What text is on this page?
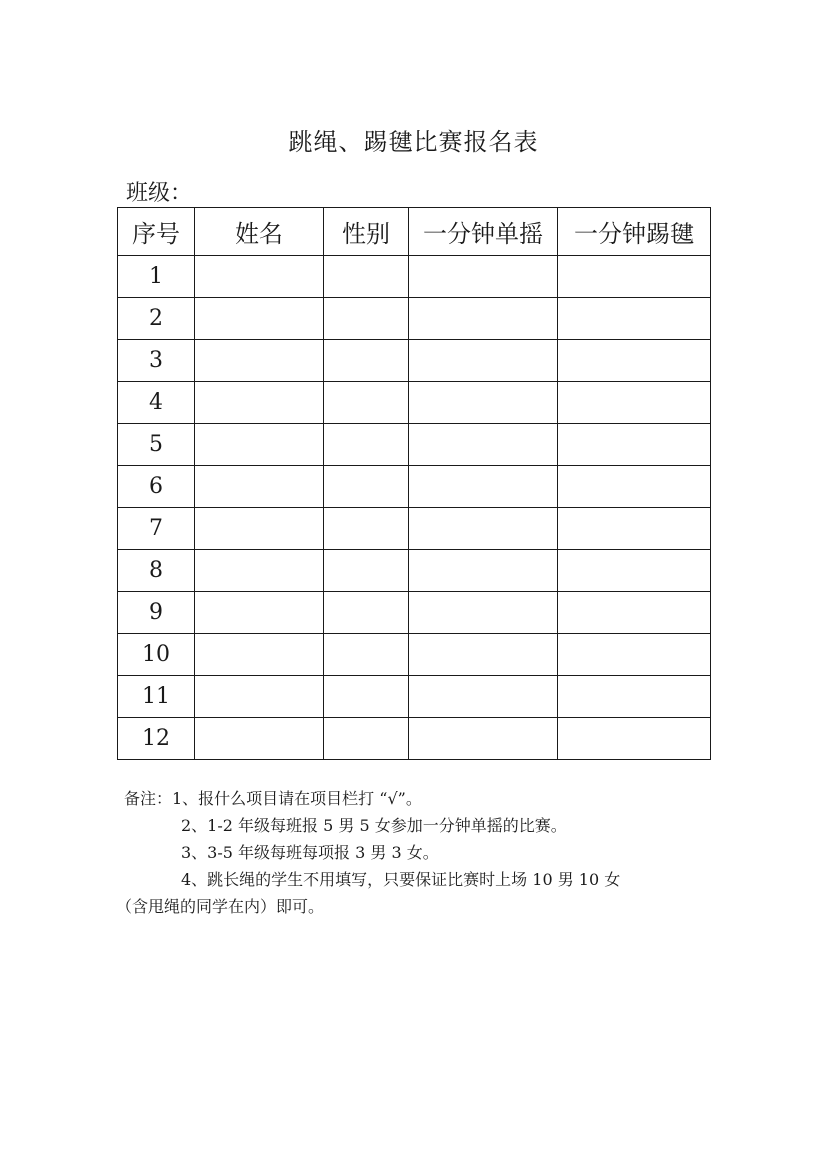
跳绳、踢毽比赛报名表
班级：
序号	姓名	性别	一分钟单摇	一分钟踢毽
1				
2				
3				
4				
5				
6				
7				
8				
9				
10				
11				
12				
备注：1、报什么项目请在项目栏打 “√”。
2、1-2 年级每班报 5 男 5 女参加一分钟单摇的比赛。
3、3-5 年级每班每项报 3 男 3 女。
4、跳长绳的学生不用填写，只要保证比赛时上场 10 男 10 女
（含甩绳的同学在内）即可。
